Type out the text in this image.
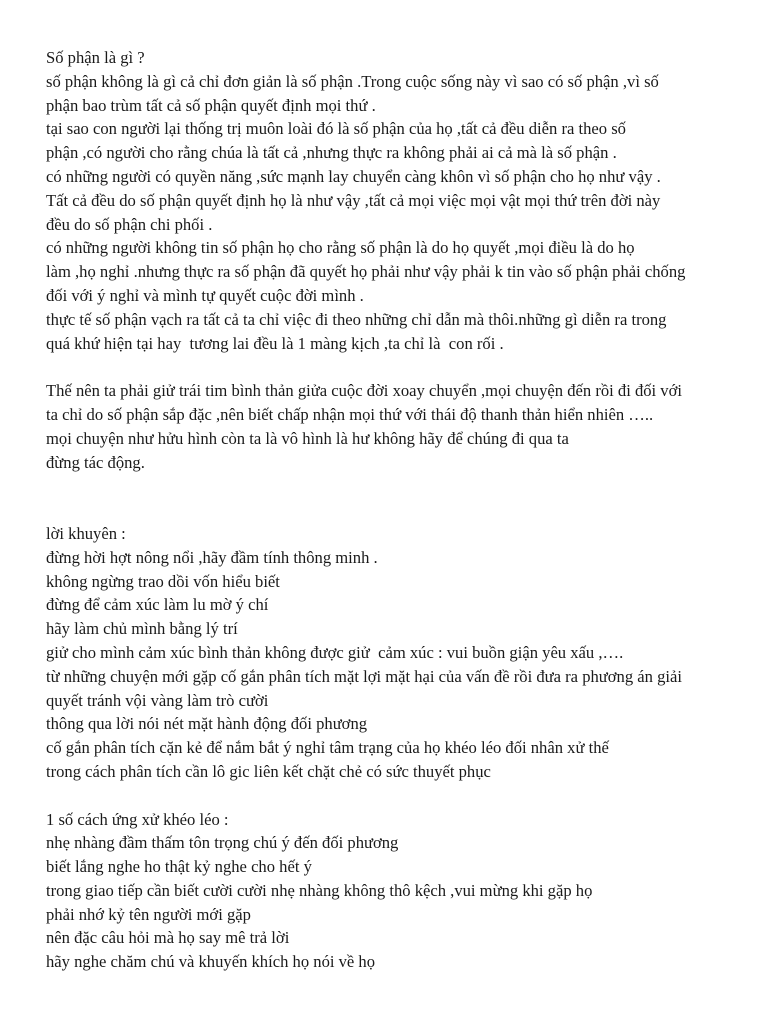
Số phận là gì ?
số phận không là gì cả chỉ đơn giản là số phận .Trong cuộc sống này vì sao có số phận ,vì số
phận bao trùm tất cả số phận quyết định mọi thứ .
tại sao con người lại thống trị muôn loài đó là số phận của họ ,tất cả đều diễn ra theo số
phận ,có người cho rằng chúa là tất cả ,nhưng thực ra không phải ai cả mà là số phận .
có những người có quyền năng ,sức mạnh lay chuyển càng khôn vì số phận cho họ như vậy .
Tất cả đều do số phận quyết định họ là như vậy ,tất cả mọi việc mọi vật mọi thứ trên đời này
đều do số phận chi phối .
có những người không tin số phận họ cho rằng số phận là do họ quyết ,mọi điều là do họ
làm ,họ nghỉ .nhưng thực ra số phận đã quyết họ phải như vậy phải k tin vào số phận phải chống
đối với ý nghỉ và mình tự quyết cuộc đời mình .
thực tế số phận vạch ra tất cả ta chỉ việc đi theo những chỉ dẫn mà thôi.những gì diễn ra trong
quá khứ hiện tại hay  tương lai đều là 1 màng kịch ,ta chỉ là  con rối .
Thế nên ta phải giử trái tim bình thản giửa cuộc đời xoay chuyển ,mọi chuyện đến rồi đi đối với
ta chỉ do số phận sắp đặc ,nên biết chấp nhận mọi thứ với thái độ thanh thản hiển nhiên …..
mọi chuyện như hửu hình còn ta là vô hình là hư không hãy để chúng đi qua ta
đừng tác động.
lời khuyên :
đừng hời hợt nông nổi ,hãy đầm tính thông minh .
không ngừng trao dồi vốn hiểu biết
đừng để cảm xúc làm lu mờ ý chí
hãy làm chủ mình bằng lý trí
giử cho mình cảm xúc bình thản không được giử  cảm xúc : vui buồn giận yêu xấu ,….
từ những chuyện mới gặp cố gắn phân tích mặt lợi mặt hại của vấn đề rồi đưa ra phương án giải
quyết tránh vội vàng làm trò cười
thông qua lời nói nét mặt hành động đối phương
cố gắn phân tích cặn kẻ để nắm bắt ý nghỉ tâm trạng của họ khéo léo đối nhân xử thế
trong cách phân tích cần lô gic liên kết chặt chẻ có sức thuyết phục
1 số cách ứng xử khéo léo :
nhẹ nhàng đầm thấm tôn trọng chú ý đến đối phương
biết lắng nghe ho thật kỷ nghe cho hết ý
trong giao tiếp cần biết cười cười nhẹ nhàng không thô kệch ,vui mừng khi gặp họ
phải nhớ kỷ tên người mới gặp
nên đặc câu hỏi mà họ say mê trả lời
hãy nghe chăm chú và khuyến khích họ nói về họ
